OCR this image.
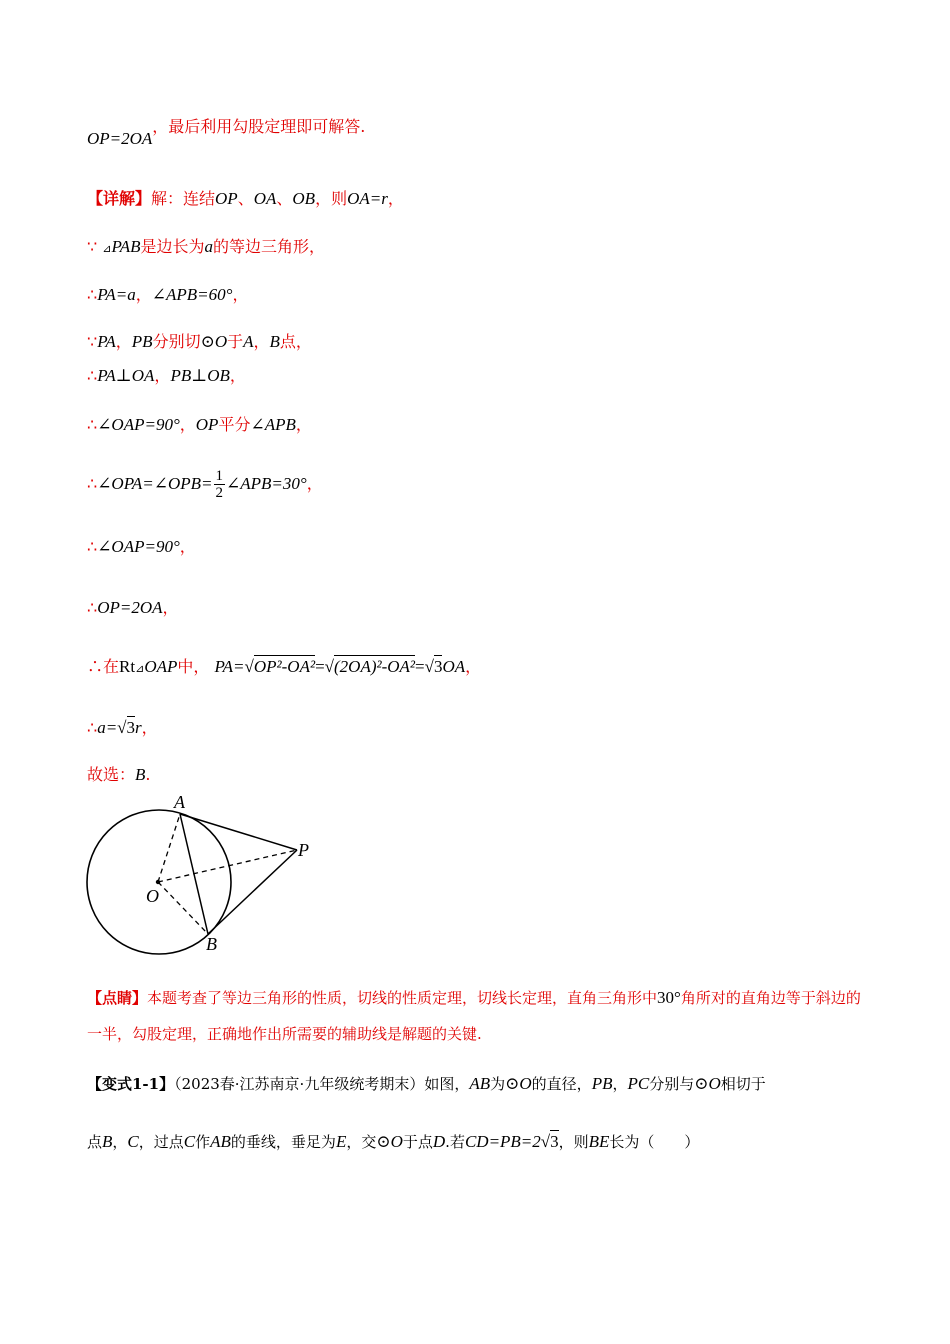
OP=2OA，最后利用勾股定理即可解答.
【详解】解：连结OP、OA、OB，则OA=r，
∵ ⊿PAB是边长为a的等边三角形，
∴PA=a，∠APB=60°，
∵PA，PB分别切⊙O于A，B点，
∴PA⊥OA，PB⊥OB，
∴∠OAP=90°，OP平分∠APB，
∴∠OPA=∠OPB= $\frac{1}{2}$ ∠APB=30°，
∴∠OAP=90°，
∴OP=2OA，
∴在Rt⊿OAP中， PA=√OP²-OA²=√(2OA)²-OA²=√3OA，
∴a=√3r，
故选：B.
A
P
O
B
【点睛】本题考查了等边三角形的性质，切线的性质定理，切线长定理，直角三角形中30°角所对的直角边等于斜边的一半，勾股定理，正确地作出所需要的辅助线是解题的关键.
【变式1-1】（2023春·江苏南京·九年级统考期末）如图，AB为⊙O的直径，PB，PC分别与⊙O相切于
点B，C，过点C作AB的垂线，垂足为E，交⊙O于点D.若CD=PB=2√3，则BE长为（　　）
